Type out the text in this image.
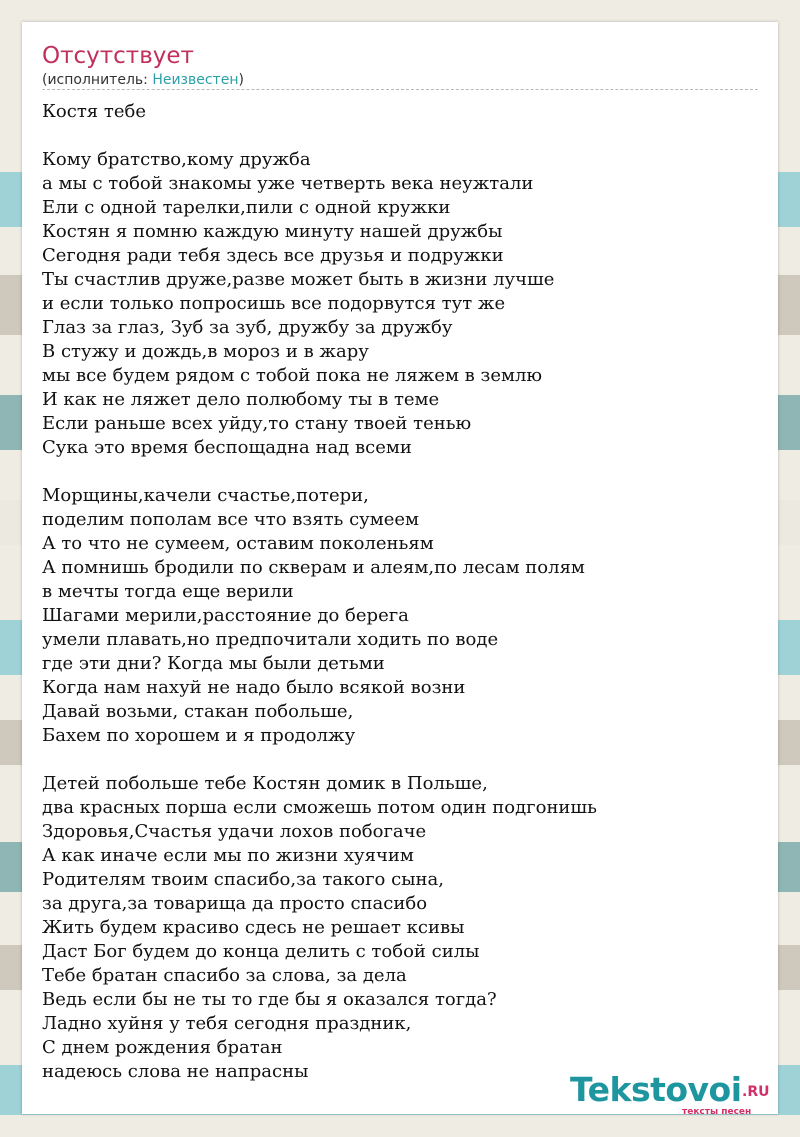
Отсутствует
(исполнитель: Неизвестен)
Костя тебе
Кому братство,кому дружба
а мы с тобой знакомы уже четверть века неужтали
Ели с одной тарелки,пили с одной кружки
Костян я помню каждую минуту нашей дружбы
Сегодня ради тебя здесь все друзья и подружки
Ты счастлив друже,разве может быть в жизни лучше
и если только попросишь все подорвутся тут же
Глаз за глаз, Зуб за зуб, дружбу за дружбу
В стужу и дождь,в мороз и в жару
мы все будем рядом с тобой пока не ляжем в землю
И как не ляжет дело полюбому ты в теме
Если раньше всех уйду,то стану твоей тенью
Сука это время беспощадна над всеми
Морщины,качели счастье,потери,
поделим пополам все что взять сумеем
А то что не сумеем, оставим поколеньям
А помнишь бродили по скверам и алеям,по лесам полям
в мечты тогда еще верили
Шагами мерили,расстояние до берега
умели плавать,но предпочитали ходить по воде
где эти дни? Когда мы были детьми
Когда нам нахуй не надо было всякой возни
Давай возьми, стакан побольше,
Бахем по хорошем и я продолжу
Детей побольше тебе Костян домик в Польше,
два красных порша если сможешь потом один подгонишь
Здоровья,Счастья удачи лохов побогаче
А как иначе если мы по жизни хуячим
Родителям твоим спасибо,за такого сына,
за друга,за товарища да просто спасибо
Жить будем красиво сдесь не решает ксивы
Даст Бог будем до конца делить с тобой силы
Тебе братан спасибо за слова, за дела
Ведь если бы не ты то где бы я оказался тогда?
Ладно хуйня у тебя сегодня праздник,
С днем рождения братан
надеюсь слова не напрасны	Tekstovoi .RU
тексты песен
